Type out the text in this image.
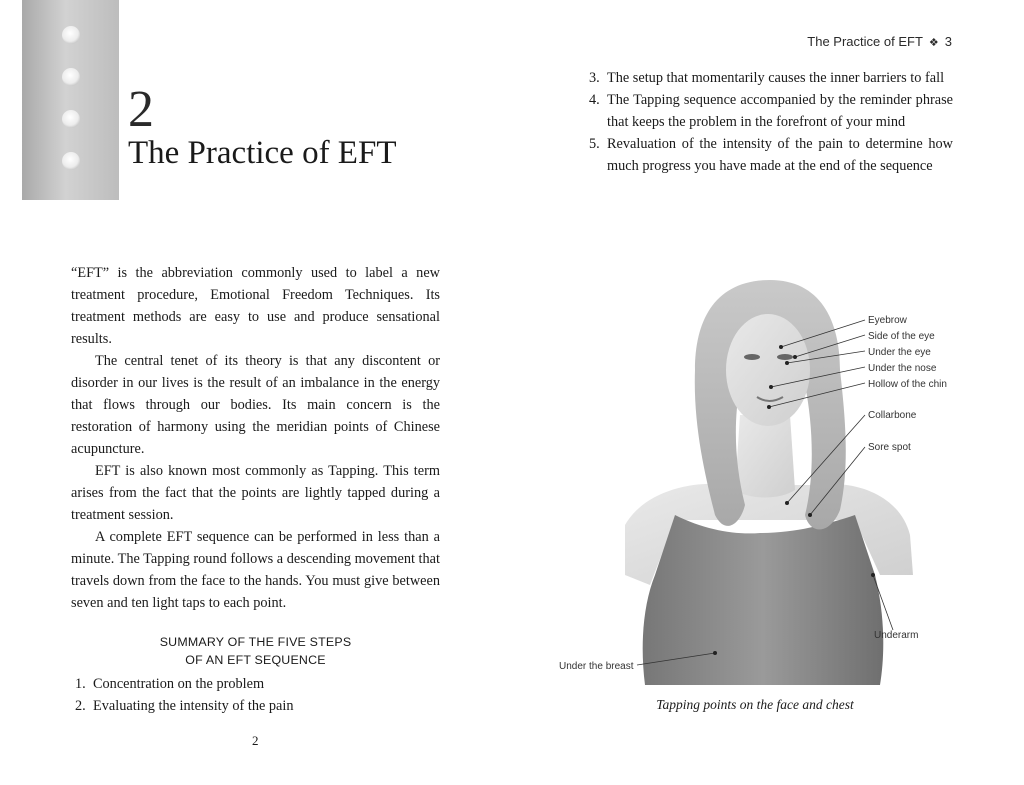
2
The Practice of EFT
The Practice of EFT ❖ 3

“EFT” is the abbreviation commonly used to label a new treatment procedure, Emotional Freedom Techniques. Its treatment methods are easy to use and produce sensational results.

The central tenet of its theory is that any discontent or disorder in our lives is the result of an imbalance in the energy that flows through our bodies. Its main concern is the restoration of harmony using the meridian points of Chinese acupuncture.

EFT is also known most commonly as Tapping. This term arises from the fact that the points are lightly tapped during a treatment session.

A complete EFT sequence can be performed in less than a minute. The Tapping round follows a descending movement that travels down from the face to the hands. You must give between seven and ten light taps to each point.

SUMMARY OF THE FIVE STEPS
OF AN EFT SEQUENCE
1. Concentration on the problem
2. Evaluating the intensity of the pain
2
3. The setup that momentarily causes the inner barriers to fall
4. The Tapping sequence accompanied by the reminder phrase that keeps the problem in the forefront of your mind
5. Revaluation of the intensity of the pain to determine how much progress you have made at the end of the sequence
Eyebrow
Side of the eye
Under the eye
Under the nose
Hollow of the chin
Collarbone
Sore spot
Underarm
Under the breast
Tapping points on the face and chest
